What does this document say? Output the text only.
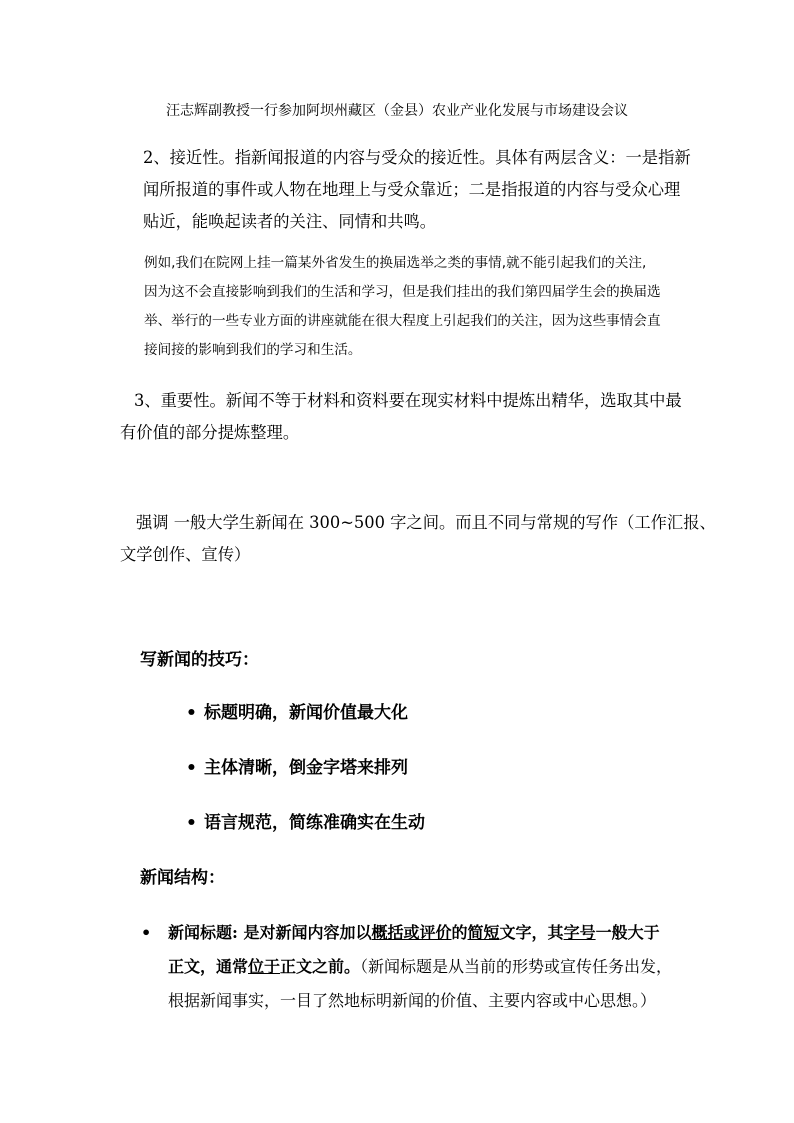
汪志辉副教授一行参加阿坝州藏区（金县）农业产业化发展与市场建设会议

2、接近性。指新闻报道的内容与受众的接近性。具体有两层含义：一是指新
闻所报道的事件或人物在地理上与受众靠近；二是指报道的内容与受众心理
贴近，能唤起读者的关注、同情和共鸣。
例如,我们在院网上挂一篇某外省发生的换届选举之类的事情,就不能引起我们的关注,
因为这不会直接影响到我们的生活和学习，但是我们挂出的我们第四届学生会的换届选
举、举行的一些专业方面的讲座就能在很大程度上引起我们的关注，因为这些事情会直
接间接的影响到我们的学习和生活。
3、重要性。新闻不等于材料和资料要在现实材料中提炼出精华，选取其中最
有价值的部分提炼整理。
强调 一般大学生新闻在 300~500 字之间。而且不同与常规的写作（工作汇报、
文学创作、宣传）

写新闻的技巧：

• 标题明确，新闻价值最大化

• 主体清晰，倒金字塔来排列

• 语言规范，简练准确实在生动

新闻结构：

• 新闻标题: 是对新闻内容加以概括或评价的简短文字，其字号一般大于
正文，通常位于正文之前。（新闻标题是从当前的形势或宣传任务出发，
根据新闻事实，一目了然地标明新闻的价值、主要内容或中心思想。）
